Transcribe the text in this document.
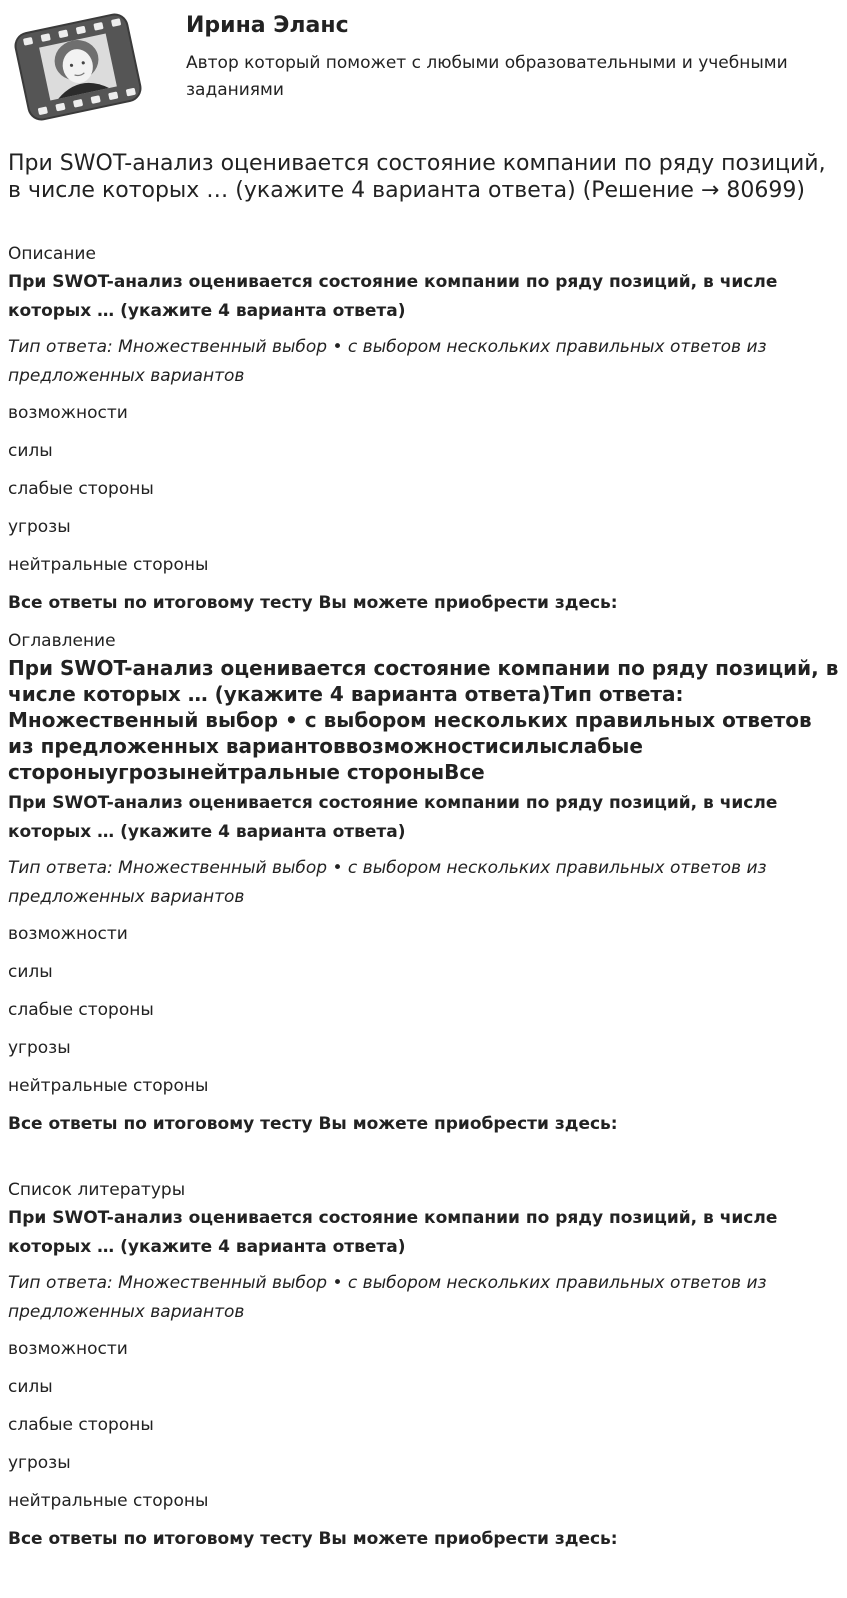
Ирина Эланс
Автор который поможет с любыми образовательными и учебными заданиями
При SWOT-анализ оценивается состояние компании по ряду позиций, в числе которых … (укажите 4 варианта ответа) (Решение → 80699)

Описание

При SWOT-анализ оценивается состояние компании по ряду позиций, в числе которых … (укажите 4 варианта ответа)

Тип ответа: Множественный выбор • с выбором нескольких правильных ответов из предложенных вариантов

возможности

силы

слабые стороны

угрозы

нейтральные стороны

Все ответы по итоговому тесту Вы можете приобрести здесь:

Оглавление

При SWOT-анализ оценивается состояние компании по ряду позиций, в числе которых … (укажите 4 варианта ответа)Тип ответа: Множественный выбор • с выбором нескольких правильных ответов из предложенных вариантоввозможностисилыслабые стороныугрозынейтральные стороныВсе

При SWOT-анализ оценивается состояние компании по ряду позиций, в числе которых … (укажите 4 варианта ответа)

Тип ответа: Множественный выбор • с выбором нескольких правильных ответов из предложенных вариантов

возможности

силы

слабые стороны

угрозы

нейтральные стороны

Все ответы по итоговому тесту Вы можете приобрести здесь:

Список литературы

При SWOT-анализ оценивается состояние компании по ряду позиций, в числе которых … (укажите 4 варианта ответа)

Тип ответа: Множественный выбор • с выбором нескольких правильных ответов из предложенных вариантов

возможности

силы

слабые стороны

угрозы

нейтральные стороны

Все ответы по итоговому тесту Вы можете приобрести здесь:
